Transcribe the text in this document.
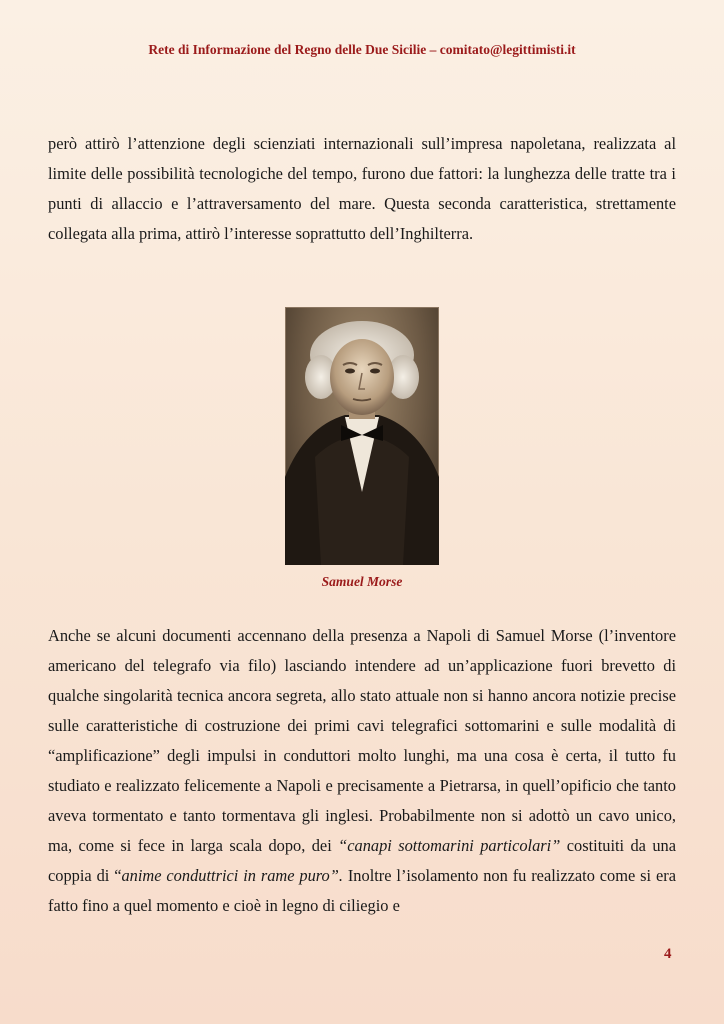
Rete di Informazione del Regno delle Due Sicilie – comitato@legittimisti.it

però attirò l’attenzione degli scienziati internazionali sull’impresa napoletana, realizzata al limite delle possibilità tecnologiche del tempo, furono due fattori: la lunghezza delle tratte tra i punti di allaccio e l’attraversamento del mare. Questa seconda caratteristica, strettamente collegata alla prima, attirò l’interesse soprattutto dell’Inghilterra.

Samuel Morse

Anche se alcuni documenti accennano della presenza a Napoli di Samuel Morse (l’inventore americano del telegrafo via filo) lasciando intendere ad un’applicazione fuori brevetto di qualche singolarità tecnica ancora segreta, allo stato attuale non si hanno ancora notizie precise sulle caratteristiche di costruzione dei primi cavi telegrafici sottomarini e sulle modalità di “amplificazione” degli impulsi in conduttori molto lunghi, ma una cosa è certa, il tutto fu studiato e realizzato felicemente a Napoli e precisamente a Pietrarsa, in quell’opificio che tanto aveva tormentato e tanto tormentava gli inglesi. Probabilmente non si adottò un cavo unico, ma, come si fece in larga scala dopo, dei “canapi sottomarini particolari” costituiti da una coppia di “anime conduttrici in rame puro”. Inoltre l’isolamento non fu realizzato come si era fatto fino a quel momento e cioè in legno di ciliegio e

4
